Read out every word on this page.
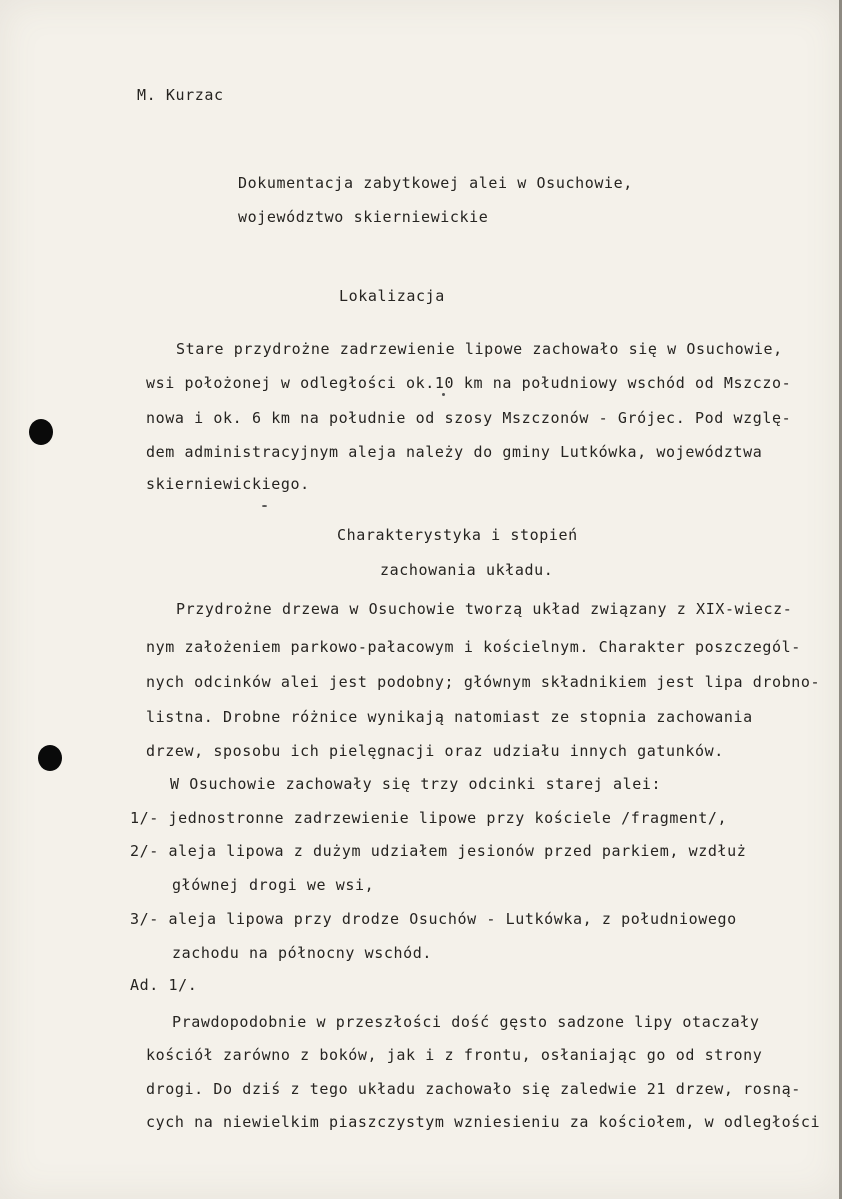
M. Kurzac
Dokumentacja zabytkowej alei w Osuchowie,
województwo skierniewickie
Lokalizacja
Stare przydrożne zadrzewienie lipowe zachowało się w Osuchowie,
wsi położonej w odległości ok.10 km na południowy wschód od Mszczo-
nowa i ok. 6 km na południe od szosy Mszczonów - Grójec. Pod wzglę-
dem administracyjnym aleja należy do gminy Lutkówka, województwa
skierniewickiego.
Charakterystyka i stopień
zachowania układu.
Przydrożne drzewa w Osuchowie tworzą układ związany z XIX-wiecz-
nym założeniem parkowo-pałacowym i kościelnym. Charakter poszczegól-
nych odcinków alei jest podobny; głównym składnikiem jest lipa drobno-
listna. Drobne różnice wynikają natomiast ze stopnia zachowania
drzew, sposobu ich pielęgnacji oraz udziału innych gatunków.
W Osuchowie zachowały się trzy odcinki starej alei:
1/- jednostronne zadrzewienie lipowe przy kościele /fragment/,
2/- aleja lipowa z dużym udziałem jesionów przed parkiem, wzdłuż
głównej drogi we wsi,
3/- aleja lipowa przy drodze Osuchów - Lutkówka, z południowego
zachodu na północny wschód.
Ad. 1/.
Prawdopodobnie w przeszłości dość gęsto sadzone lipy otaczały
kościół zarówno z boków, jak i z frontu, osłaniając go od strony
drogi. Do dziś z tego układu zachowało się zaledwie 21 drzew, rosną-
cych na niewielkim piaszczystym wzniesieniu za kościołem, w odległości
